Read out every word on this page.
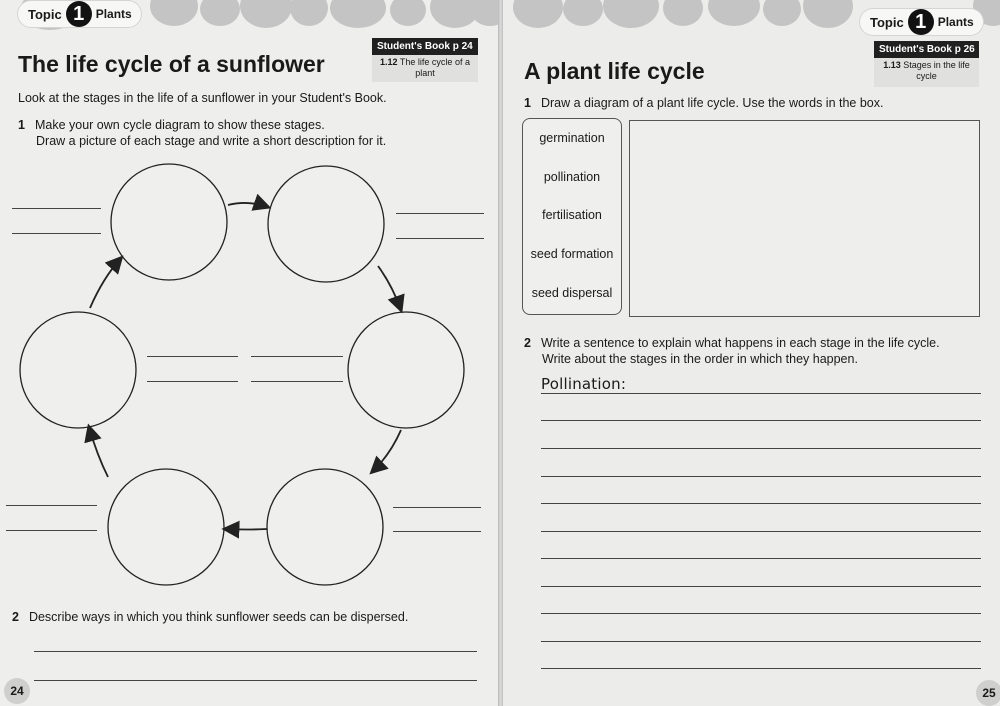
Topic 1 Plants
Student's Book p 24
1.12 The life cycle of a plant
The life cycle of a sunflower
Look at the stages in the life of a sunflower in your Student's Book.
1 Make your own cycle diagram to show these stages.
Draw a picture of each stage and write a short description for it.
2 Describe ways in which you think sunflower seeds can be dispersed.
24
Topic 1 Plants
Student's Book p 26
1.13 Stages in the life cycle
A plant life cycle
1 Draw a diagram of a plant life cycle. Use the words in the box.
germination
pollination
fertilisation
seed formation
seed dispersal
2 Write a sentence to explain what happens in each stage in the life cycle.
Write about the stages in the order in which they happen.
Pollination:
25
